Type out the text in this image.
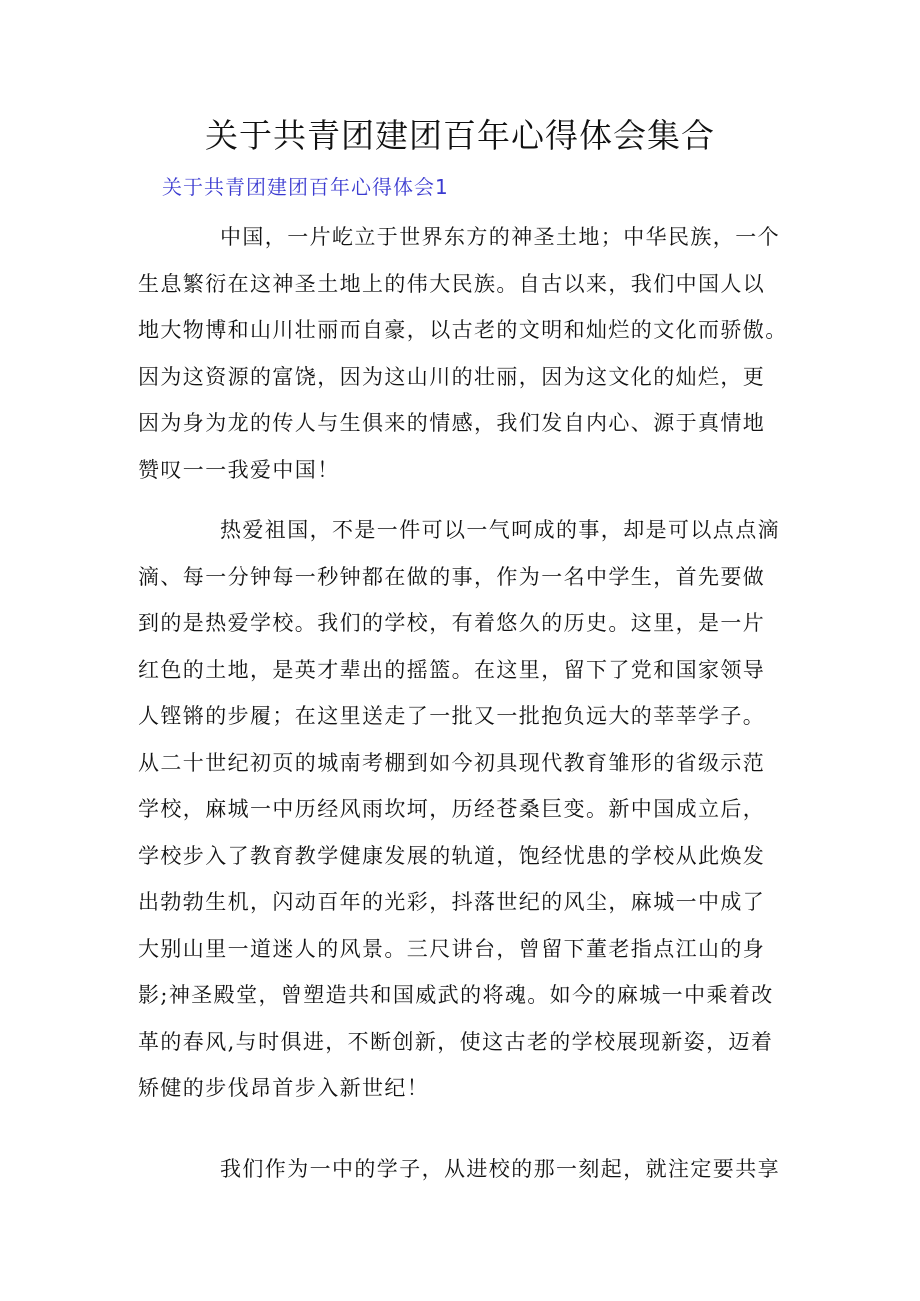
关于共青团建团百年心得体会集合
关于共青团建团百年心得体会1

中国，一片屹立于世界东方的神圣土地；中华民族，一个
生息繁衍在这神圣土地上的伟大民族。自古以来，我们中国人以
地大物博和山川壮丽而自豪，以古老的文明和灿烂的文化而骄傲。
因为这资源的富饶，因为这山川的壮丽，因为这文化的灿烂，更
因为身为龙的传人与生俱来的情感，我们发自内心、源于真情地
赞叹一一我爱中国！

热爱祖国，不是一件可以一气呵成的事，却是可以点点滴
滴、每一分钟每一秒钟都在做的事，作为一名中学生，首先要做
到的是热爱学校。我们的学校，有着悠久的历史。这里，是一片
红色的土地，是英才辈出的摇篮。在这里，留下了党和国家领导
人铿锵的步履；在这里送走了一批又一批抱负远大的莘莘学子。
从二十世纪初页的城南考棚到如今初具现代教育雏形的省级示范
学校，麻城一中历经风雨坎坷，历经苍桑巨变。新中国成立后，
学校步入了教育教学健康发展的轨道，饱经忧患的学校从此焕发
出勃勃生机，闪动百年的光彩，抖落世纪的风尘，麻城一中成了
大别山里一道迷人的风景。三尺讲台，曾留下董老指点江山的身
影;神圣殿堂，曾塑造共和国威武的将魂。如今的麻城一中乘着改
革的春风,与时俱进，不断创新，使这古老的学校展现新姿，迈着
矫健的步伐昂首步入新世纪！

我们作为一中的学子，从进校的那一刻起，就注定要共享
